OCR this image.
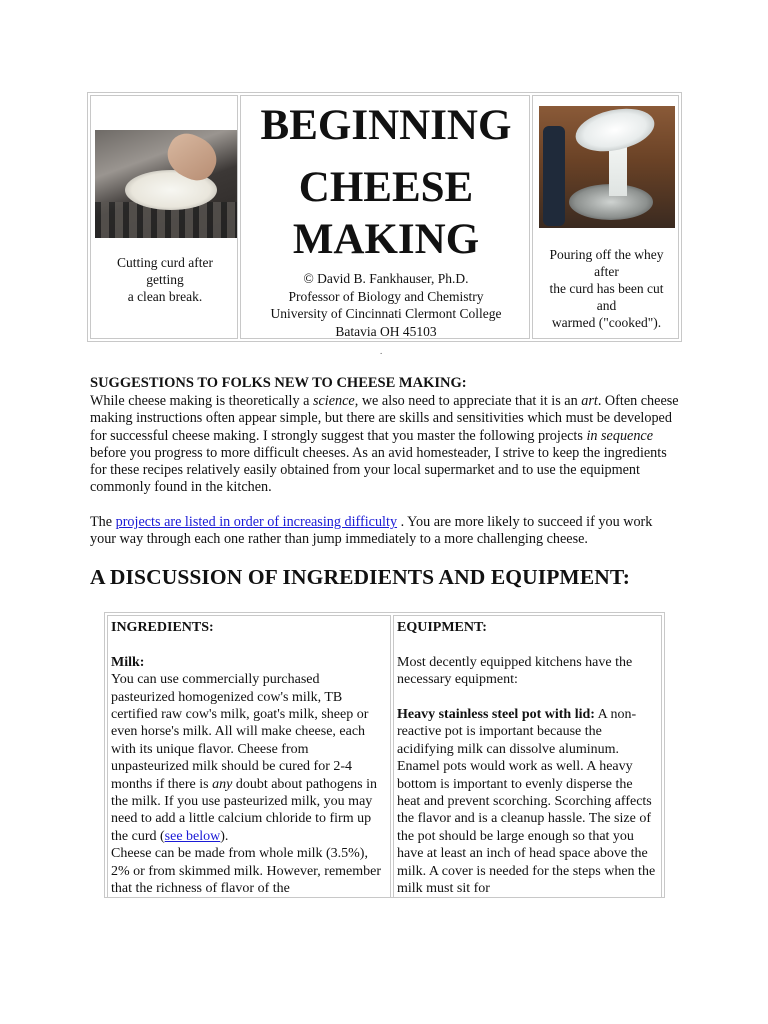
Cutting curd after
getting
a clean break.
BEGINNING
CHEESE
MAKING
© David B. Fankhauser, Ph.D.
Professor of Biology and Chemistry
University of Cincinnati Clermont College
Batavia OH 45103
Pouring off the whey
after
the curd has been cut
and
warmed ("cooked").
.
SUGGESTIONS TO FOLKS NEW TO CHEESE MAKING:
While cheese making is theoretically a science, we also need to appreciate that it is an art. Often cheese making instructions often appear simple, but there are skills and sensitivities which must be developed for successful cheese making. I strongly suggest that you master the following projects in sequence before you progress to more difficult cheeses. As an avid homesteader, I strive to keep the ingredients for these recipes relatively easily obtained from your local supermarket and to use the equipment commonly found in the kitchen.
The projects are listed in order of increasing difficulty . You are more likely to succeed if you work your way through each one rather than jump immediately to a more challenging cheese.
A DISCUSSION OF INGREDIENTS AND EQUIPMENT:
INGREDIENTS:
Milk:
You can use commercially purchased pasteurized homogenized cow's milk, TB certified raw cow's milk, goat's milk, sheep or even horse's milk. All will make cheese, each with its unique flavor. Cheese from unpasteurized milk should be cured for 2-4 months if there is any doubt about pathogens in the milk. If you use pasteurized milk, you may need to add a little calcium chloride to firm up the curd (see below).
Cheese can be made from whole milk (3.5%), 2% or from skimmed milk. However, remember that the richness of flavor of the
EQUIPMENT:
Most decently equipped kitchens have the necessary equipment:
Heavy stainless steel pot with lid: A non-reactive pot is important because the acidifying milk can dissolve aluminum. Enamel pots would work as well. A heavy bottom is important to evenly disperse the heat and prevent scorching. Scorching affects the flavor and is a cleanup hassle. The size of the pot should be large enough so that you have at least an inch of head space above the milk. A cover is needed for the steps when the milk must sit for
